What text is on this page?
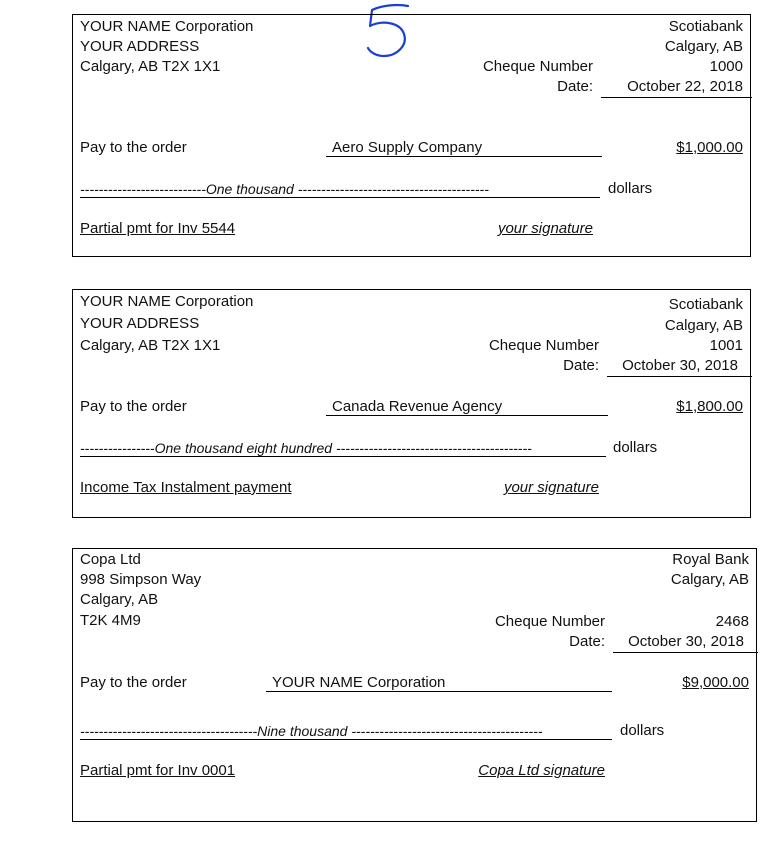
YOUR NAME Corporation
YOUR ADDRESS
Calgary, AB T2X 1X1
Scotiabank
Calgary, AB
Cheque Number	1000
Date: October 22, 2018
Pay to the order	Aero Supply Company	$1,000.00
---------------------------One thousand -----------------------------------------	dollars
Partial pmt for Inv 5544	your signature
YOUR NAME Corporation
YOUR ADDRESS
Calgary, AB T2X 1X1
Scotiabank
Calgary, AB
Cheque Number	1001
Date: October 30, 2018
Pay to the order	Canada Revenue Agency	$1,800.00
----------------One thousand eight hundred ------------------------------------------	dollars
Income Tax Instalment payment	your signature
Copa Ltd
998 Simpson Way
Calgary, AB
T2K 4M9
Royal Bank
Calgary, AB
Cheque Number	2468
Date: October 30, 2018
Pay to the order	YOUR NAME Corporation	$9,000.00
--------------------------------------Nine thousand -----------------------------------------	dollars
Partial pmt for Inv 0001	Copa Ltd signature
